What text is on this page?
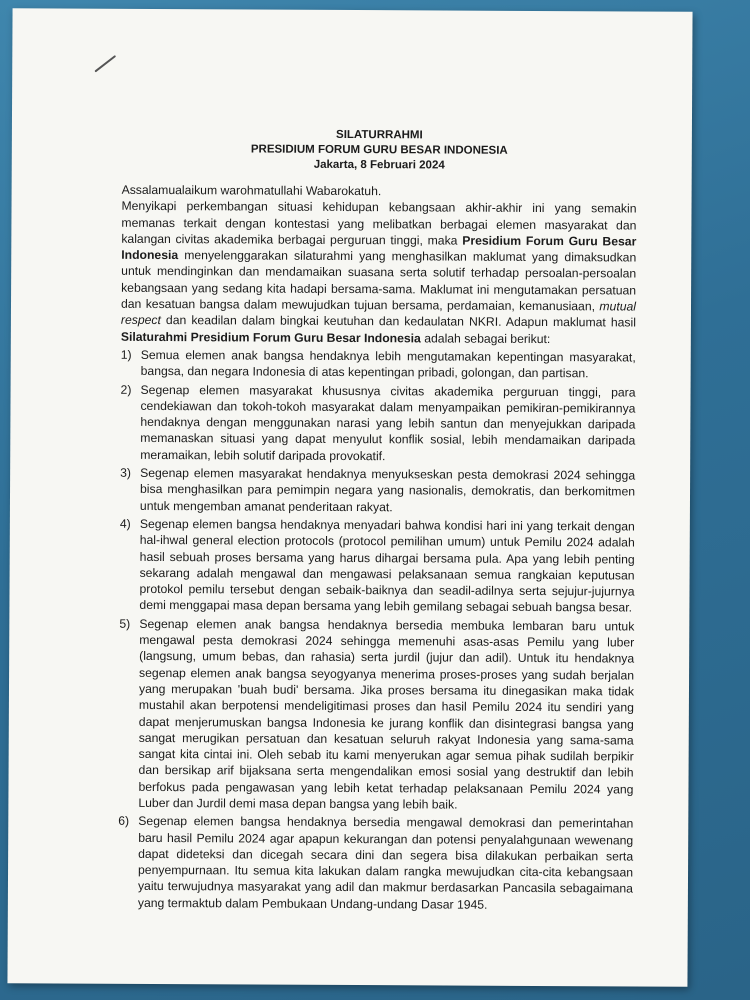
SILATURRAHMI
PRESIDIUM FORUM GURU BESAR INDONESIA
Jakarta, 8 Februari 2024
Assalamualaikum warohmatullahi Wabarokatuh.
Menyikapi perkembangan situasi kehidupan kebangsaan akhir-akhir ini yang semakin memanas terkait dengan kontestasi yang melibatkan berbagai elemen masyarakat dan kalangan civitas akademika berbagai perguruan tinggi, maka Presidium Forum Guru Besar Indonesia menyelenggarakan silaturahmi yang menghasilkan maklumat yang dimaksudkan untuk mendinginkan dan mendamaikan suasana serta solutif terhadap persoalan-persoalan kebangsaan yang sedang kita hadapi bersama-sama. Maklumat ini mengutamakan persatuan dan kesatuan bangsa dalam mewujudkan tujuan bersama, perdamaian, kemanusiaan, mutual respect dan keadilan dalam bingkai keutuhan dan kedaulatan NKRI. Adapun maklumat hasil Silaturahmi Presidium Forum Guru Besar Indonesia adalah sebagai berikut:
1) Semua elemen anak bangsa hendaknya lebih mengutamakan kepentingan masyarakat, bangsa, dan negara Indonesia di atas kepentingan pribadi, golongan, dan partisan.
2) Segenap elemen masyarakat khususnya civitas akademika perguruan tinggi, para cendekiawan dan tokoh-tokoh masyarakat dalam menyampaikan pemikiran-pemikirannya hendaknya dengan menggunakan narasi yang lebih santun dan menyejukkan daripada memanaskan situasi yang dapat menyulut konflik sosial, lebih mendamaikan daripada meramaikan, lebih solutif daripada provokatif.
3) Segenap elemen masyarakat hendaknya menyukseskan pesta demokrasi 2024 sehingga bisa menghasilkan para pemimpin negara yang nasionalis, demokratis, dan berkomitmen untuk mengemban amanat penderitaan rakyat.
4) Segenap elemen bangsa hendaknya menyadari bahwa kondisi hari ini yang terkait dengan hal-ihwal general election protocols (protocol pemilihan umum) untuk Pemilu 2024 adalah hasil sebuah proses bersama yang harus dihargai bersama pula. Apa yang lebih penting sekarang adalah mengawal dan mengawasi pelaksanaan semua rangkaian keputusan protokol pemilu tersebut dengan sebaik-baiknya dan seadil-adilnya serta sejujur-jujurnya demi menggapai masa depan bersama yang lebih gemilang sebagai sebuah bangsa besar.
5) Segenap elemen anak bangsa hendaknya bersedia membuka lembaran baru untuk mengawal pesta demokrasi 2024 sehingga memenuhi asas-asas Pemilu yang luber (langsung, umum bebas, dan rahasia) serta jurdil (jujur dan adil). Untuk itu hendaknya segenap elemen anak bangsa seyogyanya menerima proses-proses yang sudah berjalan yang merupakan 'buah budi' bersama. Jika proses bersama itu dinegasikan maka tidak mustahil akan berpotensi mendeligitimasi proses dan hasil Pemilu 2024 itu sendiri yang dapat menjerumuskan bangsa Indonesia ke jurang konflik dan disintegrasi bangsa yang sangat merugikan persatuan dan kesatuan seluruh rakyat Indonesia yang sama-sama sangat kita cintai ini. Oleh sebab itu kami menyerukan agar semua pihak sudilah berpikir dan bersikap arif bijaksana serta mengendalikan emosi sosial yang destruktif dan lebih berfokus pada pengawasan yang lebih ketat terhadap pelaksanaan Pemilu 2024 yang Luber dan Jurdil demi masa depan bangsa yang lebih baik.
6) Segenap elemen bangsa hendaknya bersedia mengawal demokrasi dan pemerintahan baru hasil Pemilu 2024 agar apapun kekurangan dan potensi penyalahgunaan wewenang dapat dideteksi dan dicegah secara dini dan segera bisa dilakukan perbaikan serta penyempurnaan. Itu semua kita lakukan dalam rangka mewujudkan cita-cita kebangsaan yaitu terwujudnya masyarakat yang adil dan makmur berdasarkan Pancasila sebagaimana yang termaktub dalam Pembukaan Undang-undang Dasar 1945.
